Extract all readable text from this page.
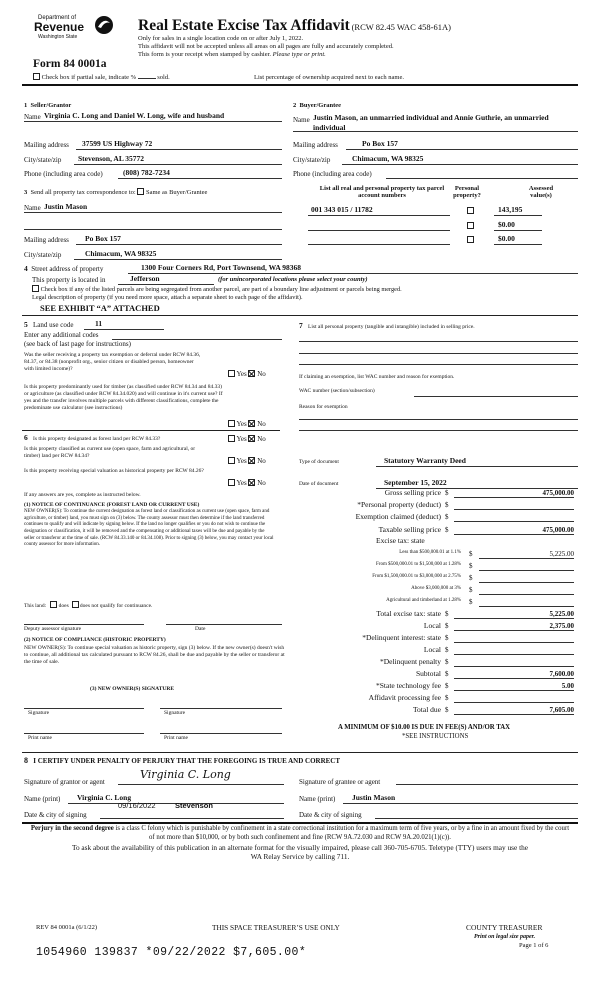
Department of
Revenue
Washington State
Real Estate Excise Tax Affidavit (RCW 82.45 WAC 458-61A)
Only for sales in a single location code on or after July 1, 2022.
This affidavit will not be accepted unless all areas on all pages are fully and accurately completed.
This form is your receipt when stamped by cashier. Please type or print.
Form 84 0001a
Check box if partial sale, indicate %	sold.	List percentage of ownership acquired next to each name.
1  Seller/Grantor
Name Virginia C. Long and Daniel W. Long, wife and husband
Mailing address 37599 US Highway 72
City/state/zip Stevenson, AL 35772
Phone (including area code)	(808) 782-7234
2  Buyer/Grantee
Name Justin Mason, an unmarried individual and Annie Guthrie, an unmarried individual
Mailing address	Po Box 157
City/state/zip	Chimacum, WA 98325
Phone (including area code)
3 Send all property tax correspondence to: Same as Buyer/Grantee
Name Justin Mason
Mailing address Po Box 157
City/state/zip	Chimacum, WA 98325
List all real and personal property tax parcel account numbers
Personal property?
Assessed value(s)
001 343 015 / 11782	143,195
$0.00
$0.00
4 Street address of property	1300 Four Corners Rd, Port Townsend, WA 98368
This property is located in	Jefferson	(for unincorporated locations please select your county)
Check box if any of the listed parcels are being segregated from another parcel, are part of a boundary line adjustment or parcels being merged.
Legal description of property (if you need more space, attach a separate sheet to each page of the affidavit).
SEE EXHIBIT “A” ATTACHED
5 Land use code	11
Enter any additional codes
(see back of last page for instructions)
Was the seller receiving a property tax exemption or deferral under RCW 84.36, 84.37, or 84.38 (nonprofit org., senior citizen or disabled person, homeowner with limited income)?
Yes No
Is this property predominantly used for timber (as classified under RCW 84.34 and 84.33) or agriculture (as classified under RCW 84.34.020) and will continue in it's current use? If yes and the transfer involves multiple parcels with different classifications, complete the predominate use calculator (see instructions)
Yes No
6 Is this property designated as forest land per RCW 84.33?	Yes No
Is this property classified as current use (open space, farm and agricultural, or timber) land per RCW 84.34?
Yes No
Is this property receiving special valuation as historical property per RCW 84.26?
Yes No
If any answers are yes, complete as instructed below.
(1) NOTICE OF CONTINUANCE (FOREST LAND OR CURRENT USE)
NEW OWNER(S): To continue the current designation as forest land or classification as current use (open space, farm and agriculture, or timber) land, you must sign on (3) below. The county assessor must then determine if the land transferred continues to qualify and will indicate by signing below. If the land no longer qualifies or you do not wish to continue the designation or classification, it will be removed and the compensating or additional taxes will be due and payable by the seller or transferor at the time of sale. (RCW 84.33.140 or 84.34.108). Prior to signing (3) below, you may contact your local county assessor for more information.
This land: does does not qualify for continuance.
Deputy assessor signature	Date
(2) NOTICE OF COMPLIANCE (HISTORIC PROPERTY)
NEW OWNER(S): To continue special valuation as historic property, sign (3) below. If the new owner(s) doesn't wish to continue, all additional tax calculated pursuant to RCW 84.26, shall be due and payable by the seller or transferor at the time of sale.
(3) NEW OWNER(S) SIGNATURE
Signature	Signature
Print name	Print name
7 List all personal property (tangible and intangible) included in selling price.
If claiming an exemption, list WAC number and reason for exemption.
WAC number (section/subsection)
Reason for exemption
Type of document	Statutory Warranty Deed
Date of document	September 15, 2022
Gross selling price $	475,000.00
*Personal property (deduct) $
Exemption claimed (deduct) $
Taxable selling price $	475,000.00
Excise tax: state
Less than $500,000.01 at 1.1% $	5,225.00
From $500,000.01 to $1,500,000 at 1.28% $
From $1,500,000.01 to $3,000,000 at 2.75% $
Above $3,000,000 at 3% $
Agricultural and timberland at 1.28% $
Total excise tax: state $	5,225.00
Local $	2,375.00
*Delinquent interest: state $
Local $
*Delinquent penalty $
Subtotal $	7,600.00
*State technology fee $	5.00
Affidavit processing fee $
Total due $	7,605.00
A MINIMUM OF $10.00 IS DUE IN FEE(S) AND/OR TAX
*SEE INSTRUCTIONS
8 I CERTIFY UNDER PENALTY OF PERJURY THAT THE FOREGOING IS TRUE AND CORRECT
Signature of grantor or agent
Virginia C. Long
Signature of grantee or agent
Name (print) Virginia C. Long	Name (print) Justin Mason
Date & city of signing
09/16/2022	Stevenson
Date & city of signing
Perjury in the second degree is a class C felony which is punishable by confinement in a state correctional institution for a maximum term of five years, or by a fine in an amount fixed by the court of not more than $10,000, or by both such confinement and fine (RCW 9A.72.030 and RCW 9A.20.021(1)(c)).
To ask about the availability of this publication in an alternate format for the visually impaired, please call 360-705-6705. Teletype (TTY) users may use the WA Relay Service by calling 711.
REV 84 0001a (6/1/22)	THIS SPACE TREASURER’S USE ONLY	COUNTY TREASURER
Print on legal size paper.
Page 1 of 6
1054960 139837 *09/22/2022 $7,605.00*
